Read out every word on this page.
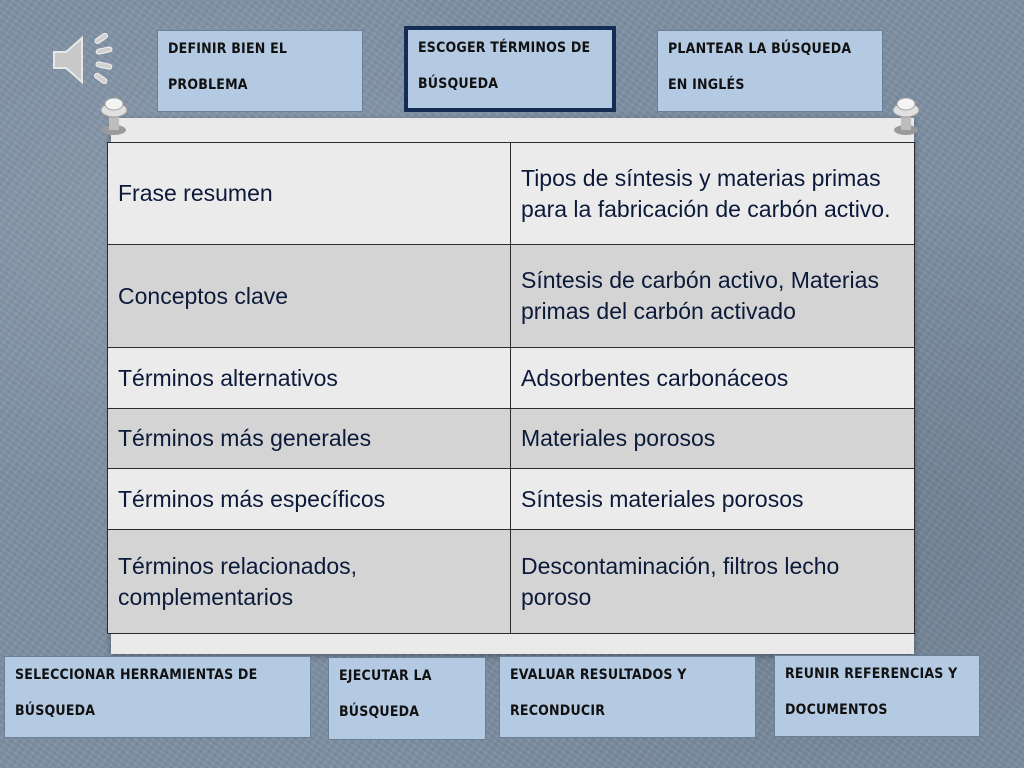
DEFINIR BIEN EL PROBLEMA
ESCOGER TÉRMINOS DE BÚSQUEDA
PLANTEAR LA BÚSQUEDA EN INGLÉS
Frase resumen	Tipos de síntesis y materias primas para la fabricación de carbón activo.
Conceptos clave	Síntesis de carbón activo, Materias primas del carbón activado
Términos alternativos	Adsorbentes carbonáceos
Términos más generales	Materiales porosos
Términos más específicos	Síntesis materiales porosos
Términos relacionados, complementarios	Descontaminación, filtros lecho poroso
SELECCIONAR HERRAMIENTAS DE BÚSQUEDA
EJECUTAR LA BÚSQUEDA
EVALUAR RESULTADOS Y RECONDUCIR
REUNIR REFERENCIAS Y DOCUMENTOS
